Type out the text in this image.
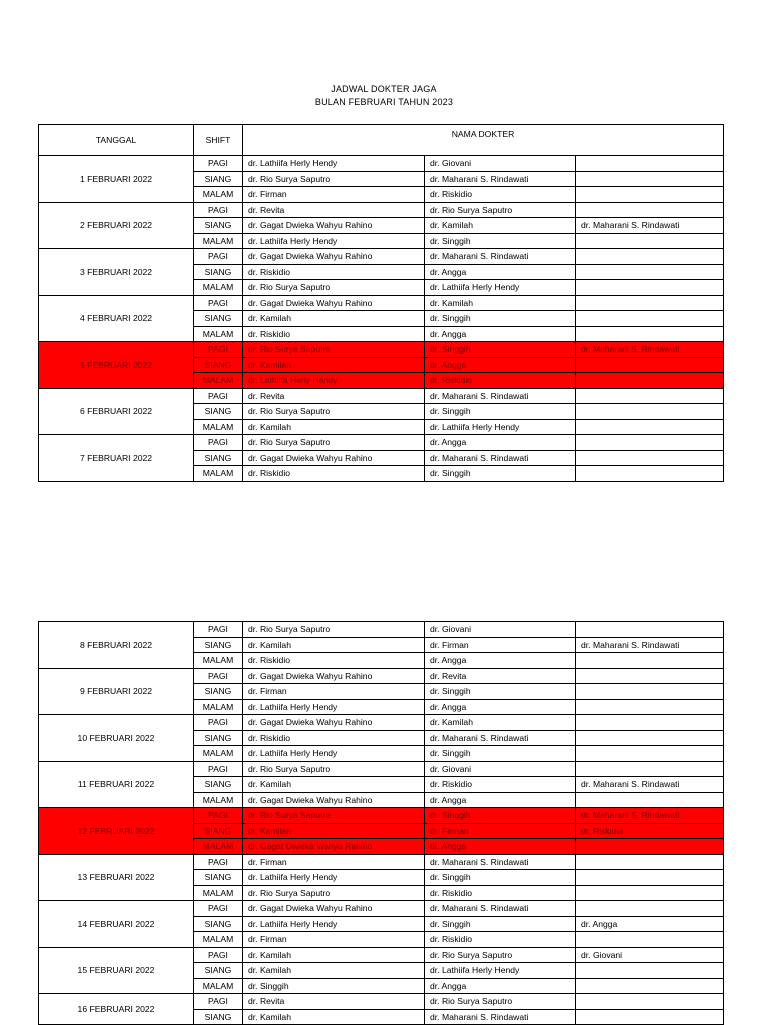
JADWAL DOKTER JAGA
BULAN FEBRUARI TAHUN 2023
TANGGAL	SHIFT	NAMA DOKTER		
1 FEBRUARI 2022	PAGI	dr. Lathiifa Herly Hendy	dr. Giovani	
	SIANG	dr. Rio Surya Saputro	dr. Maharani S. Rindawati	
	MALAM	dr. Firman	dr. Riskidio	
2 FEBRUARI 2022	PAGI	dr. Revita	dr. Rio Surya Saputro	
	SIANG	dr. Gagat Dwieka Wahyu Rahino	dr. Kamilah	dr. Maharani S. Rindawati
	MALAM	dr. Lathiifa Herly Hendy	dr. Singgih	
3 FEBRUARI 2022	PAGI	dr. Gagat Dwieka Wahyu Rahino	dr. Maharani S. Rindawati	
	SIANG	dr. Riskidio	dr. Angga	
	MALAM	dr. Rio Surya Saputro	dr. Lathiifa Herly Hendy	
4 FEBRUARI 2022	PAGI	dr. Gagat Dwieka Wahyu Rahino	dr. Kamilah	
	SIANG	dr. Kamilah	dr. Singgih	
	MALAM	dr. Riskidio	dr. Angga	
5 FEBRUARI 2022	PAGI	dr. Rio Surya Saputro	dr. Singgih	dr. Maharani S. Rindawati
	SIANG	dr. Kamilah	dr. Angga	
	MALAM	dr. Lathiifa Herly Hendy	dr. Riskidio	
6 FEBRUARI 2022	PAGI	dr. Revita	dr. Maharani S. Rindawati	
	SIANG	dr. Rio Surya Saputro	dr. Singgih	
	MALAM	dr. Kamilah	dr. Lathiifa Herly Hendy	
7 FEBRUARI 2022	PAGI	dr. Rio Surya Saputro	dr. Angga	
	SIANG	dr. Gagat Dwieka Wahyu Rahino	dr. Maharani S. Rindawati	
	MALAM	dr. Riskidio	dr. Singgih	
8 FEBRUARI 2022	PAGI	dr. Rio Surya Saputro	dr. Giovani	
	SIANG	dr. Kamilah	dr. Firman	dr. Maharani S. Rindawati
	MALAM	dr. Riskidio	dr. Angga	
9 FEBRUARI 2022	PAGI	dr. Gagat Dwieka Wahyu Rahino	dr. Revita	
	SIANG	dr. Firman	dr. Singgih	
	MALAM	dr. Lathiifa Herly Hendy	dr. Angga	
10 FEBRUARI 2022	PAGI	dr. Gagat Dwieka Wahyu Rahino	dr. Kamilah	
	SIANG	dr. Riskidio	dr. Maharani S. Rindawati	
	MALAM	dr. Lathiifa Herly Hendy	dr. Singgih	
11 FEBRUARI 2022	PAGI	dr. Rio Surya Saputro	dr. Giovani	
	SIANG	dr. Kamilah	dr. Riskidio	dr. Maharani S. Rindawati
	MALAM	dr. Gagat Dwieka Wahyu Rahino	dr. Angga	
12 FEBRUARI 2022	PAGI	dr. Rio Surya Saputro	dr. Singgih	dr. Maharani S. Rindawati
	SIANG	dr. Kamilah	dr. Firman	dr. Riskidio
	MALAM	dr. Gagat Dwieka Wahyu Rahino	dr. Angga	
13 FEBRUARI 2022	PAGI	dr. Firman	dr. Maharani S. Rindawati	
	SIANG	dr. Lathiifa Herly Hendy	dr. Singgih	
	MALAM	dr. Rio Surya Saputro	dr. Riskidio	
14 FEBRUARI 2022	PAGI	dr. Gagat Dwieka Wahyu Rahino	dr. Maharani S. Rindawati	
	SIANG	dr. Lathiifa Herly Hendy	dr. Singgih	dr. Angga
	MALAM	dr. Firman	dr. Riskidio	
15 FEBRUARI 2022	PAGI	dr. Kamilah	dr. Rio Surya Saputro	dr. Giovani
	SIANG	dr. Kamilah	dr. Lathiifa Herly Hendy	
	MALAM	dr. Singgih	dr. Angga	
16 FEBRUARI 2022	PAGI	dr. Revita	dr. Rio Surya Saputro	
	SIANG	dr. Kamilah	dr. Maharani S. Rindawati	
